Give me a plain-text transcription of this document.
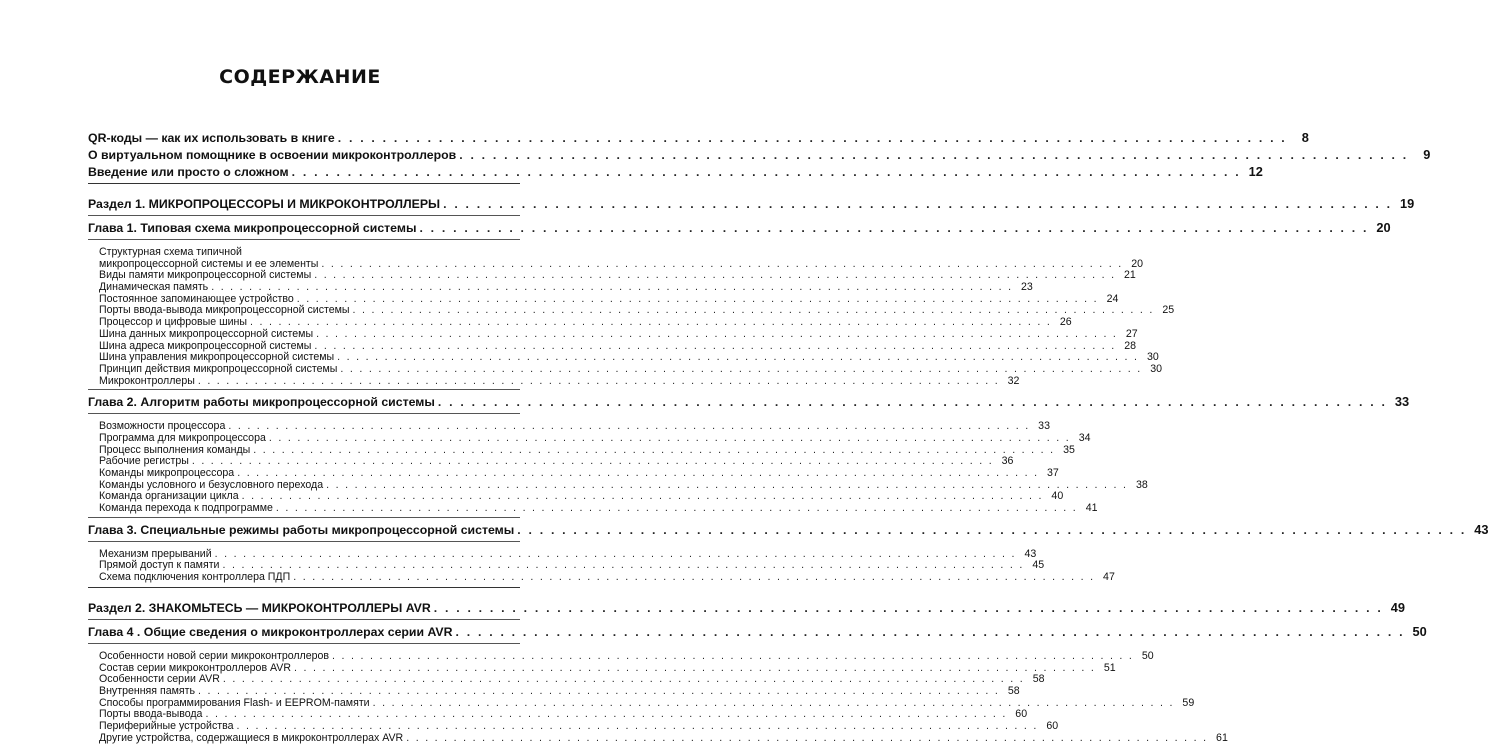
СОДЕРЖАНИЕ
QR-коды — как их использовать в книге . . .	8
О виртуальном помощнике в освоении микроконтроллеров . . .	9
Введение или просто о сложном . . .	12
Раздел 1. МИКРОПРОЦЕССОРЫ И МИКРОКОНТРОЛЛЕРЫ . . .	19
Глава 1. Типовая схема микропроцессорной системы . . .	20
Структурная схема типичной
микропроцессорной системы и ее элементы . . .	20
Виды памяти микропроцессорной системы . . .	21
Динамическая память . . .	23
Постоянное запоминающее устройство . . .	24
Порты ввода-вывода микропроцессорной системы . . .	25
Процессор и цифровые шины . . .	26
Шина данных микропроцессорной системы . . .	27
Шина адреса микропроцессорной системы . . .	28
Шина управления микропроцессорной системы . . .	30
Принцип действия микропроцессорной системы . . .	30
Микроконтроллеры . . .	32
Глава 2. Алгоритм работы микропроцессорной системы . . .	33
Возможности процессора . . .	33
Программа для микропроцессора . . .	34
Процесс выполнения команды . . .	35
Рабочие регистры . . .	36
Команды микропроцессора . . .	37
Команды условного и безусловного перехода . . .	38
Команда организации цикла . . .	40
Команда перехода к подпрограмме . . .	41
Глава 3. Специальные режимы работы микропроцессорной системы . . .	43
Механизм прерываний . . .	43
Прямой доступ к памяти . . .	45
Схема подключения контроллера ПДП . . .	47
Раздел 2. ЗНАКОМЬТЕСЬ — МИКРОКОНТРОЛЛЕРЫ AVR . . .	49
Глава 4 . Общие сведения о микроконтроллерах серии AVR . . .	50
Особенности новой серии микроконтроллеров . . .	50
Состав серии микроконтроллеров AVR . . .	51
Особенности серии AVR . . .	58
Внутренняя память . . .	58
Способы программирования Flash- и EEPROM-памяти . . .	59
Порты ввода-вывода . . .	60
Периферийные устройства . . .	60
Другие устройства, содержащиеся в микроконтроллерах AVR . . .	61
